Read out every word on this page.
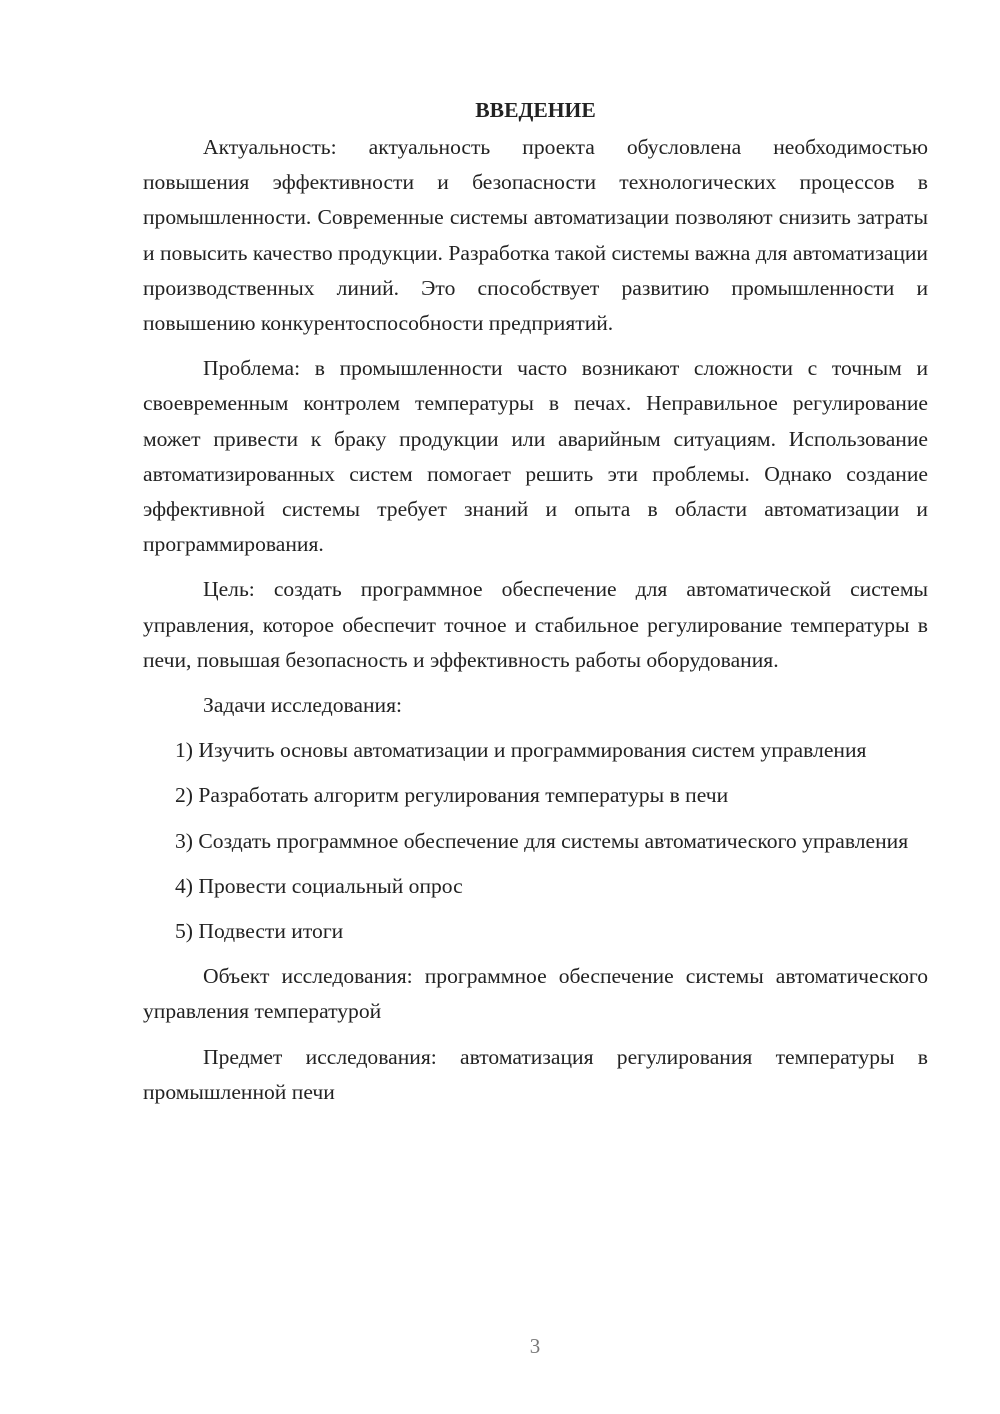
ВВЕДЕНИЕ

Актуальность: актуальность проекта обусловлена необходимостью повышения эффективности и безопасности технологических процессов в промышленности. Современные системы автоматизации позволяют снизить затраты и повысить качество продукции. Разработка такой системы важна для автоматизации производственных линий. Это способствует развитию промышленности и повышению конкурентоспособности предприятий.

Проблема: в промышленности часто возникают сложности с точным и своевременным контролем температуры в печах. Неправильное регулирование может привести к браку продукции или аварийным ситуациям. Использование автоматизированных систем помогает решить эти проблемы. Однако создание эффективной системы требует знаний и опыта в области автоматизации и программирования.

Цель: создать программное обеспечение для автоматической системы управления, которое обеспечит точное и стабильное регулирование температуры в печи, повышая безопасность и эффективность работы оборудования.

Задачи исследования:

1) Изучить основы автоматизации и программирования систем управления

2) Разработать алгоритм регулирования температуры в печи

3) Создать программное обеспечение для системы автоматического управления

4) Провести социальный опрос

5) Подвести итоги

Объект исследования: программное обеспечение системы автоматического управления температурой

Предмет исследования: автоматизация регулирования температуры в промышленной печи

3
